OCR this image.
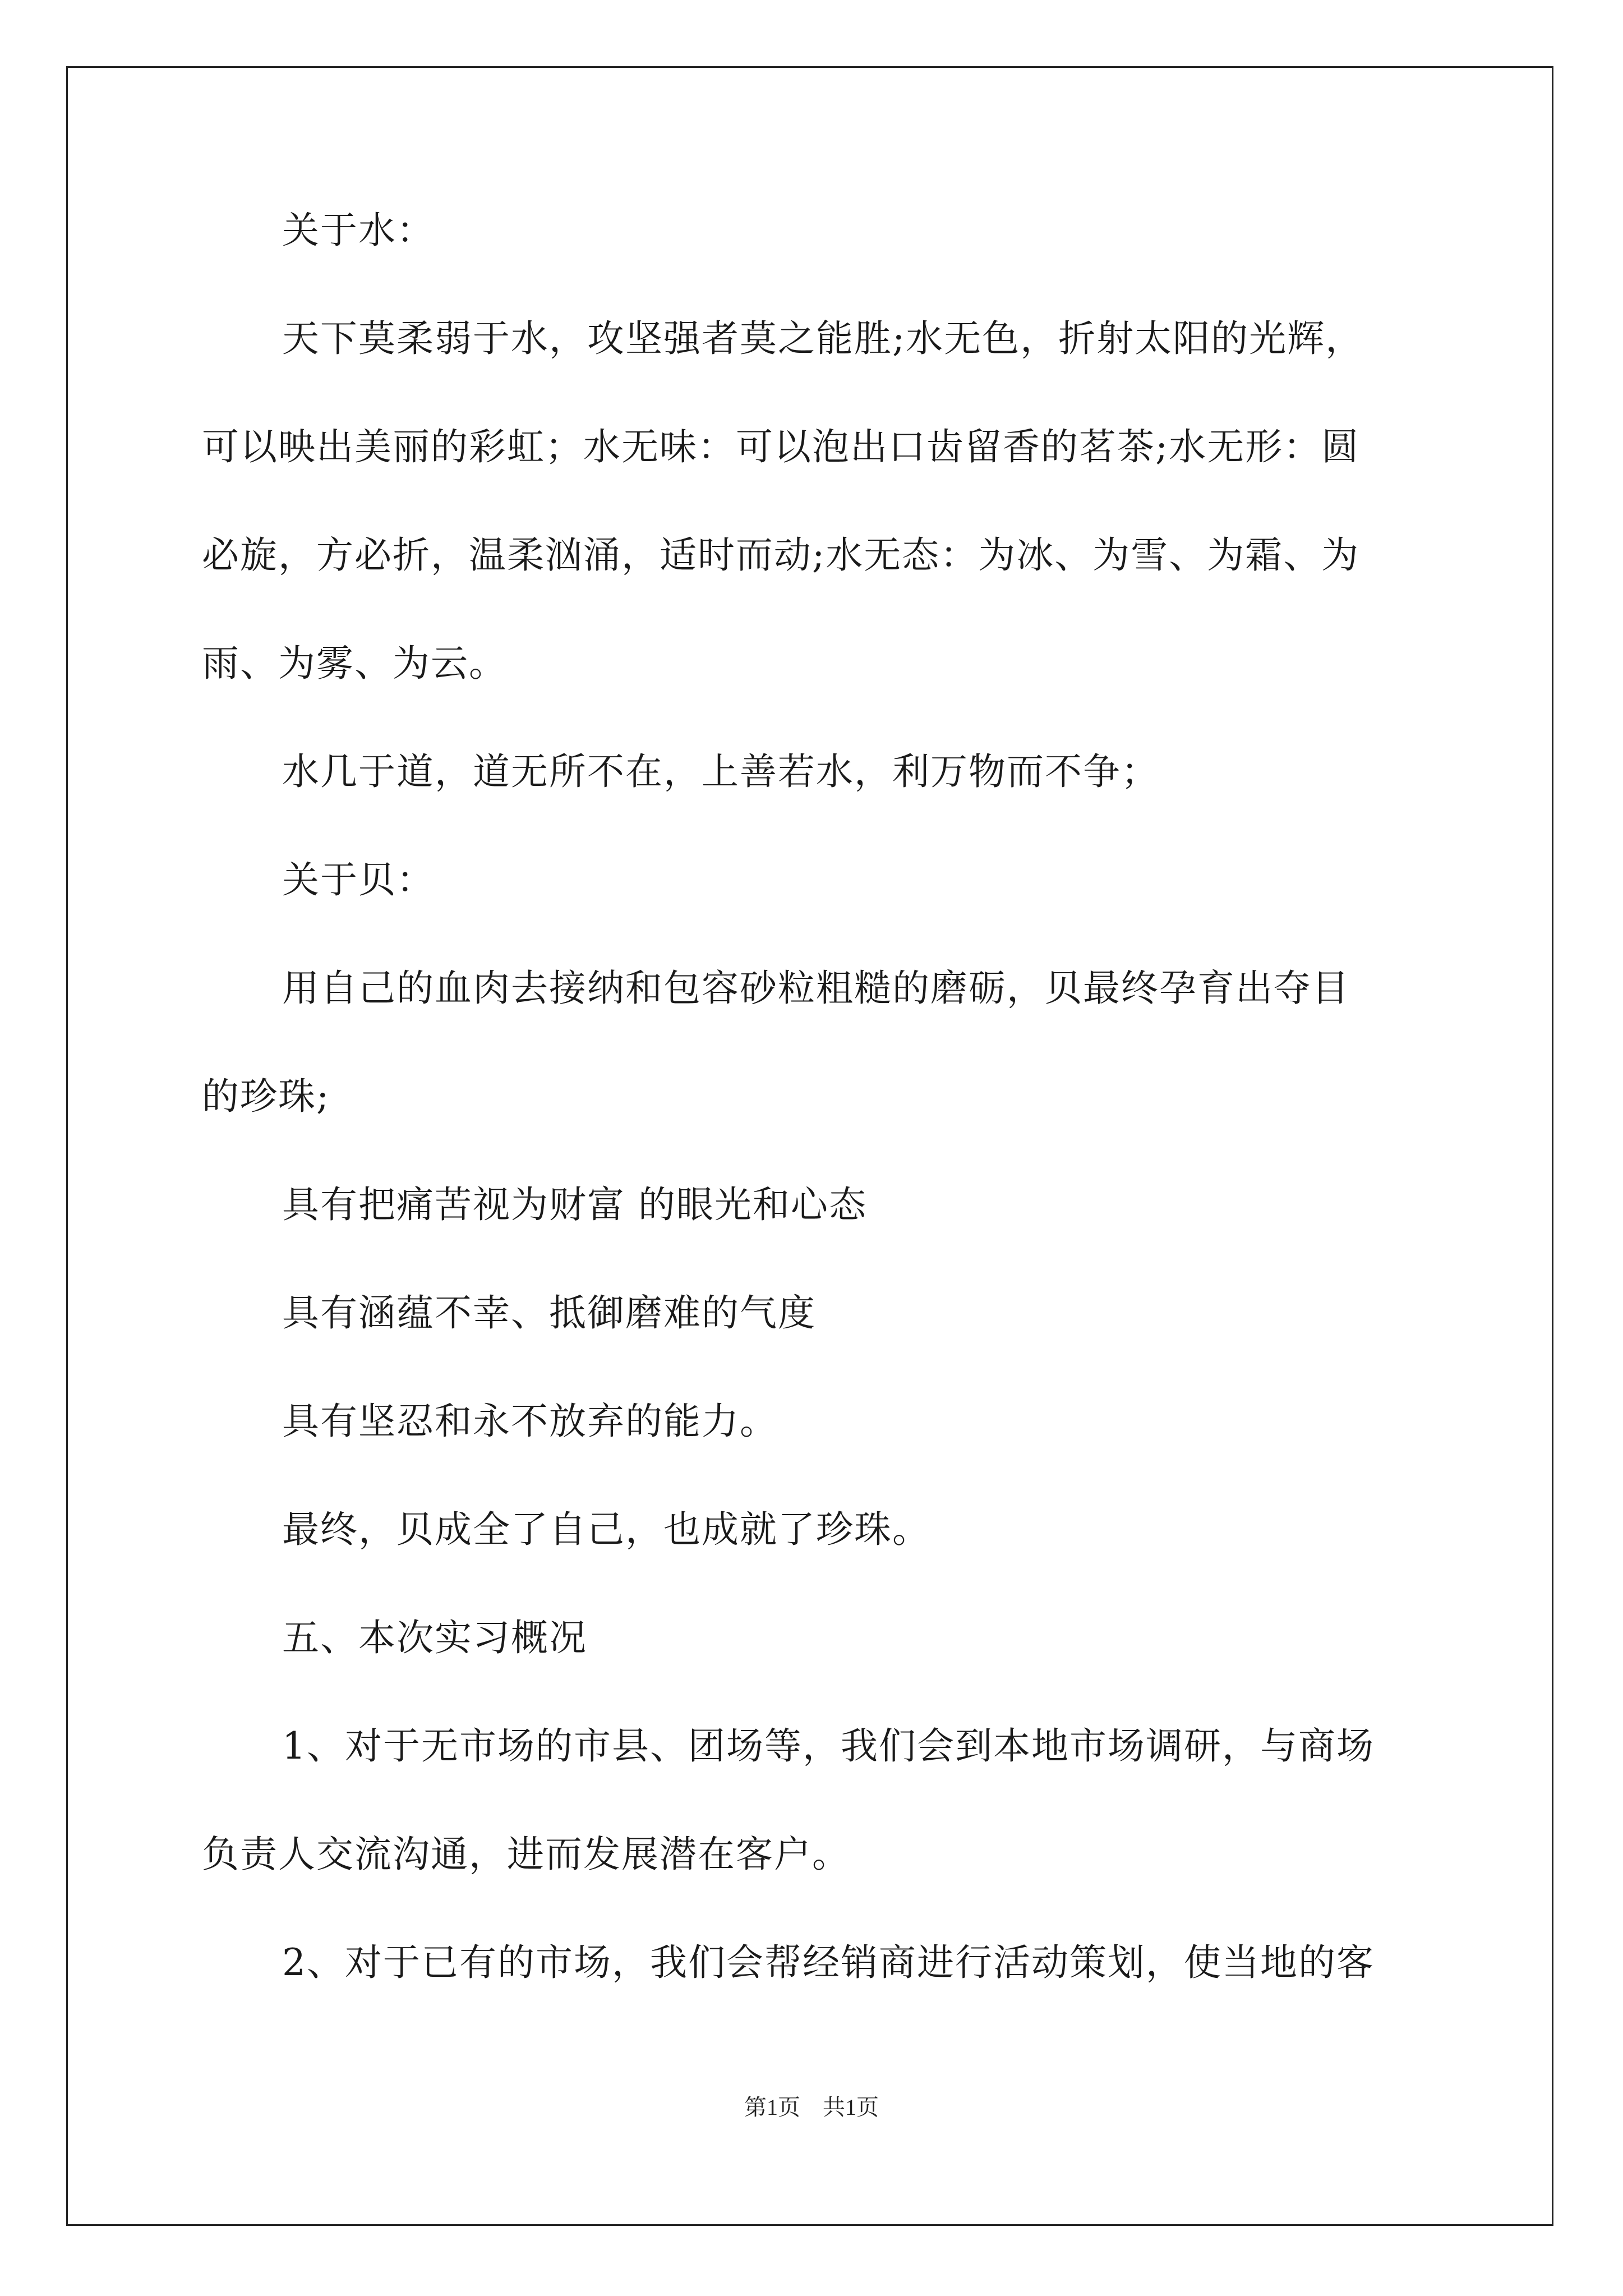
关于水：
天下莫柔弱于水，攻坚强者莫之能胜;水无色，折射太阳的光辉，
可以映出美丽的彩虹；水无味：可以泡出口齿留香的茗茶;水无形：圆
必旋，方必折，温柔汹涌，适时而动;水无态：为冰、为雪、为霜、为
雨、为雾、为云。
水几于道，道无所不在，上善若水，利万物而不争；
关于贝：
用自己的血肉去接纳和包容砂粒粗糙的磨砺，贝最终孕育出夺目
的珍珠;
具有把痛苦视为财富 的眼光和心态
具有涵蕴不幸、抵御磨难的气度
具有坚忍和永不放弃的能力。
最终，贝成全了自己，也成就了珍珠。
五、本次实习概况
1、对于无市场的市县、团场等，我们会到本地市场调研，与商场
负责人交流沟通，进而发展潜在客户。
2、对于已有的市场，我们会帮经销商进行活动策划，使当地的客
第1页 共1页
